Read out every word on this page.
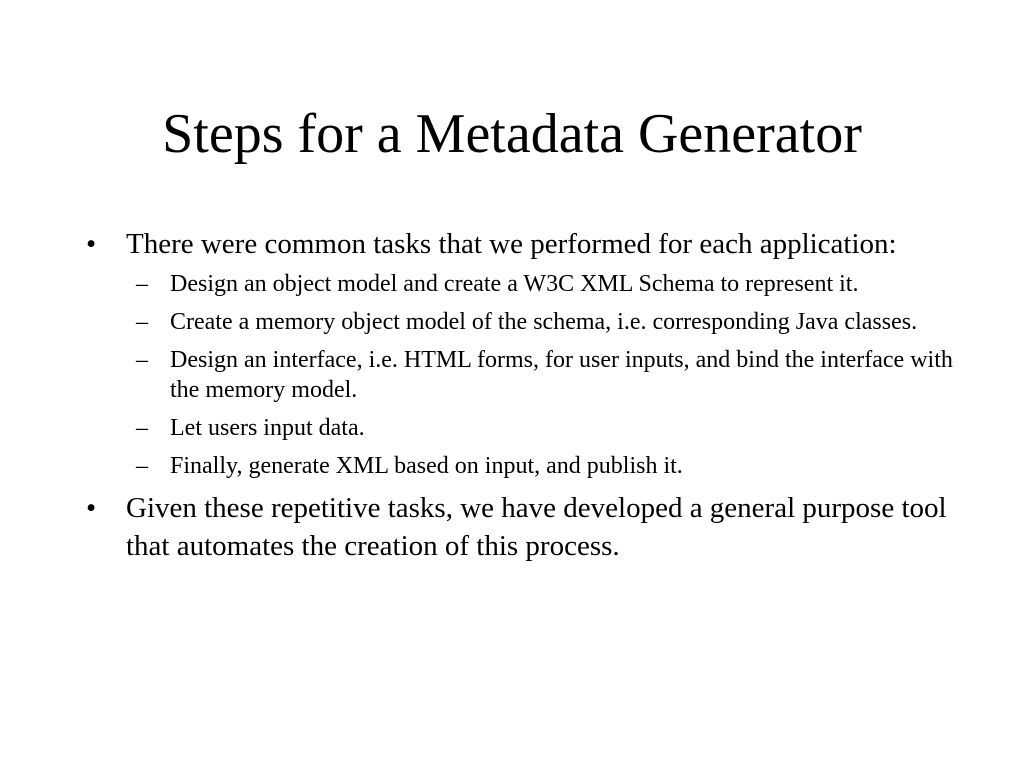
Steps for a Metadata Generator
•	There were common tasks that we performed for each application:
– Design an object model and create a W3C XML Schema to represent it.
– Create a memory object model of the schema, i.e. corresponding Java classes.
– Design an interface, i.e. HTML forms, for user inputs, and bind the interface with the memory model.
– Let users input data.
– Finally, generate XML based on input, and publish it.
•	Given these repetitive tasks, we have developed a general purpose tool that automates the creation of this process.
